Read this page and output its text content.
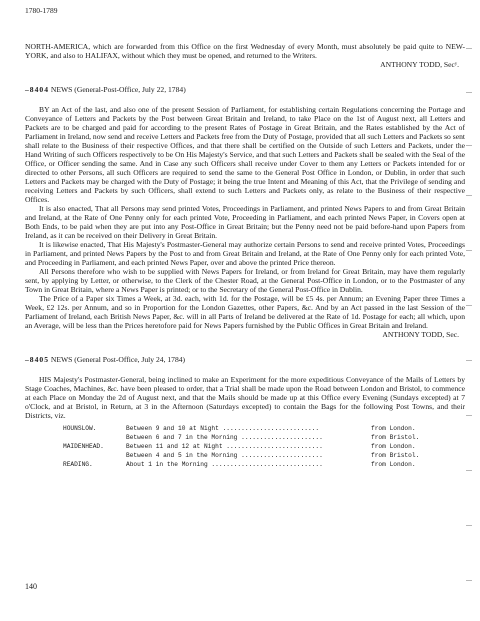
1780-1789

NORTH-AMERICA, which are forwarded from this Office on the first Wednesday of every Month, must absolutely be paid quite to NEW-YORK, and also to HALIFAX, without which they must be opened, and returned to the Writers.

ANTHONY TODD, Secʸ.

–8404 NEWS (General-Post-Office, July 22, 1784)

BY an Act of the last, and also one of the present Session of Parliament, for establishing certain Regulations concerning the Portage and Conveyance of Letters and Packets by the Post between Great Britain and Ireland, to take Place on the 1st of August next, all Letters and Packets are to be charged and paid for according to the present Rates of Postage in Great Britain, and the Rates established by the Act of Parliament in Ireland, now send and receive Letters and Packets free from the Duty of Postage, provided that all such Letters and Packets so sent shall relate to the Business of their respective Offices, and that there shall be certified on the Outside of such Letters and Packets, under the Hand Writing of such Officers respectively to be On His Majesty's Service, and that such Letters and Packets shall be sealed with the Seal of the Office, or Officer sending the same. And in Case any such Officers shall receive under Cover to them any Letters or Packets intended for or directed to other Persons, all such Officers are required to send the same to the General Post Office in London, or Dublin, in order that such Letters and Packets may be charged with the Duty of Postage; it being the true Intent and Meaning of this Act, that the Privilege of sending and receiving Letters and Packets by such Officers, shall extend to such Letters and Packets only, as relate to the Business of their respective Offices.

It is also enacted, That all Persons may send printed Votes, Proceedings in Parliament, and printed News Papers to and from Great Britain and Ireland, at the Rate of One Penny only for each printed Vote, Proceeding in Parliament, and each printed News Paper, in Covers open at Both Ends, to be paid when they are put into any Post-Office in Great Britain; but the Penny need not be paid before-hand upon Papers from Ireland, as it can be received on their Delivery in Great Britain.

It is likewise enacted, That His Majesty's Postmaster-General may authorize certain Persons to send and receive printed Votes, Proceedings in Parliament, and printed News Papers by the Post to and from Great Britain and Ireland, at the Rate of One Penny only for each printed Vote, and Proceeding in Parliament, and each printed News Paper, over and above the printed Price thereon.

All Persons therefore who wish to be supplied with News Papers for Ireland, or from Ireland for Great Britain, may have them regularly sent, by applying by Letter, or otherwise, to the Clerk of the Chester Road, at the General Post-Office in London, or to the Postmaster of any Town in Great Britain, where a News Paper is printed; or to the Secretary of the General Post-Office in Dublin.

The Price of a Paper six Times a Week, at 3d. each, with 1d. for the Postage, will be £5 4s. per Annum; an Evening Paper three Times a Week, £2 12s. per Annum, and so in Proportion for the London Gazettes, other Papers, &c. And by an Act passed in the last Session of the Parliament of Ireland, each British News Paper, &c. will in all Parts of Ireland be delivered at the Rate of 1d. Postage for each; all which, upon an Average, will be less than the Prices heretofore paid for News Papers furnished by the Public Offices in Great Britain and Ireland.

ANTHONY TODD, Sec.

–8405 NEWS (General Post-Office, July 24, 1784)

HIS Majesty's Postmaster-General, being inclined to make an Experiment for the more expeditious Conveyance of the Mails of Letters by Stage Coaches, Machines, &c. have been pleased to order, that a Trial shall be made upon the Road between London and Bristol, to commence at each Place on Monday the 2d of August next, and that the Mails should be made up at this Office every Evening (Sundays excepted) at 7 o'Clock, and at Bristol, in Return, at 3 in the Afternoon (Saturdays excepted) to contain the Bags for the following Post Towns, and their Districts, viz.

HOUNSLOW.	Between 9 and 10 at Night ..........................	from London.
	Between 6 and 7 in the Morning ......................	from Bristol.
MAIDENHEAD.	Between 11 and 12 at Night ..........................	from London.
	Between 4 and 5 in the Morning ......................	from Bristol.
READING.	About 1 in the Morning ..............................	from London.
140
